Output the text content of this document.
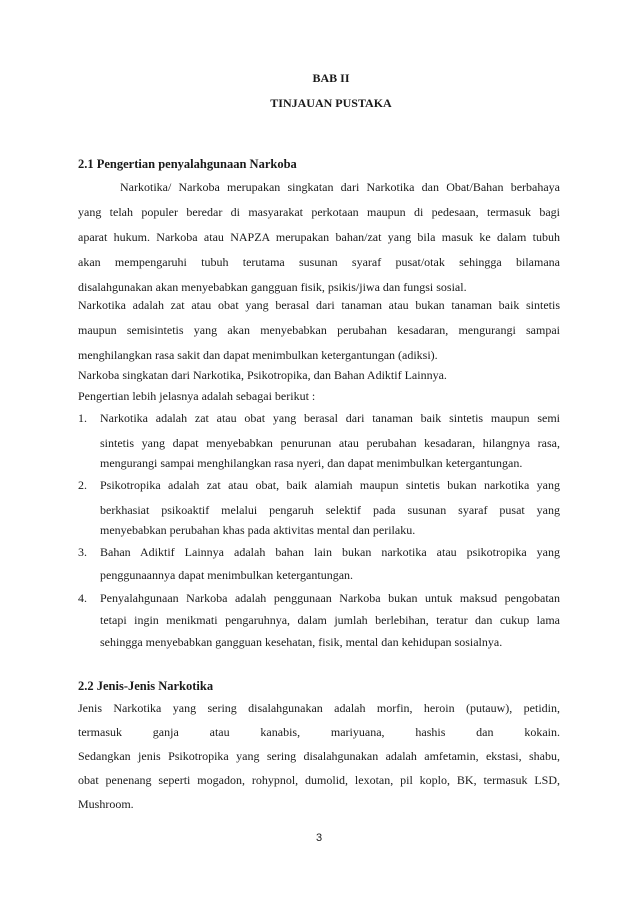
BAB II
TINJAUAN PUSTAKA
2.1 Pengertian penyalahgunaan Narkoba
Narkotika/ Narkoba merupakan singkatan dari Narkotika dan Obat/Bahan berbahaya
yang telah populer beredar di masyarakat perkotaan maupun di pedesaan, termasuk bagi
aparat hukum. Narkoba atau NAPZA merupakan bahan/zat yang bila masuk ke dalam tubuh
akan mempengaruhi tubuh terutama susunan syaraf pusat/otak sehingga bilamana
disalahgunakan akan menyebabkan gangguan fisik, psikis/jiwa dan fungsi sosial.
Narkotika adalah zat atau obat yang berasal dari tanaman atau bukan tanaman baik sintetis
maupun semisintetis yang akan menyebabkan perubahan kesadaran, mengurangi sampai
menghilangkan rasa sakit dan dapat menimbulkan ketergantungan (adiksi).
Narkoba singkatan dari Narkotika, Psikotropika, dan Bahan Adiktif Lainnya.
Pengertian lebih jelasnya adalah sebagai berikut :
1. Narkotika adalah zat atau obat yang berasal dari tanaman baik sintetis maupun semi
sintetis yang dapat menyebabkan penurunan atau perubahan kesadaran, hilangnya rasa,
mengurangi sampai menghilangkan rasa nyeri, dan dapat menimbulkan ketergantungan.
2. Psikotropika adalah zat atau obat, baik alamiah maupun sintetis bukan narkotika yang
berkhasiat psikoaktif melalui pengaruh selektif pada susunan syaraf pusat yang
menyebabkan perubahan khas pada aktivitas mental dan perilaku.
3. Bahan Adiktif Lainnya adalah bahan lain bukan narkotika atau psikotropika yang
penggunaannya dapat menimbulkan ketergantungan.
4. Penyalahgunaan Narkoba adalah penggunaan Narkoba bukan untuk maksud pengobatan
tetapi ingin menikmati pengaruhnya, dalam jumlah berlebihan, teratur dan cukup lama
sehingga menyebabkan gangguan kesehatan, fisik, mental dan kehidupan sosialnya.
2.2 Jenis-Jenis Narkotika
Jenis Narkotika yang sering disalahgunakan adalah morfin, heroin (putauw), petidin,
termasuk ganja atau kanabis, mariyuana, hashis dan kokain.
Sedangkan jenis Psikotropika yang sering disalahgunakan adalah amfetamin, ekstasi, shabu,
obat penenang seperti mogadon, rohypnol, dumolid, lexotan, pil koplo, BK, termasuk LSD,
Mushroom.
3
